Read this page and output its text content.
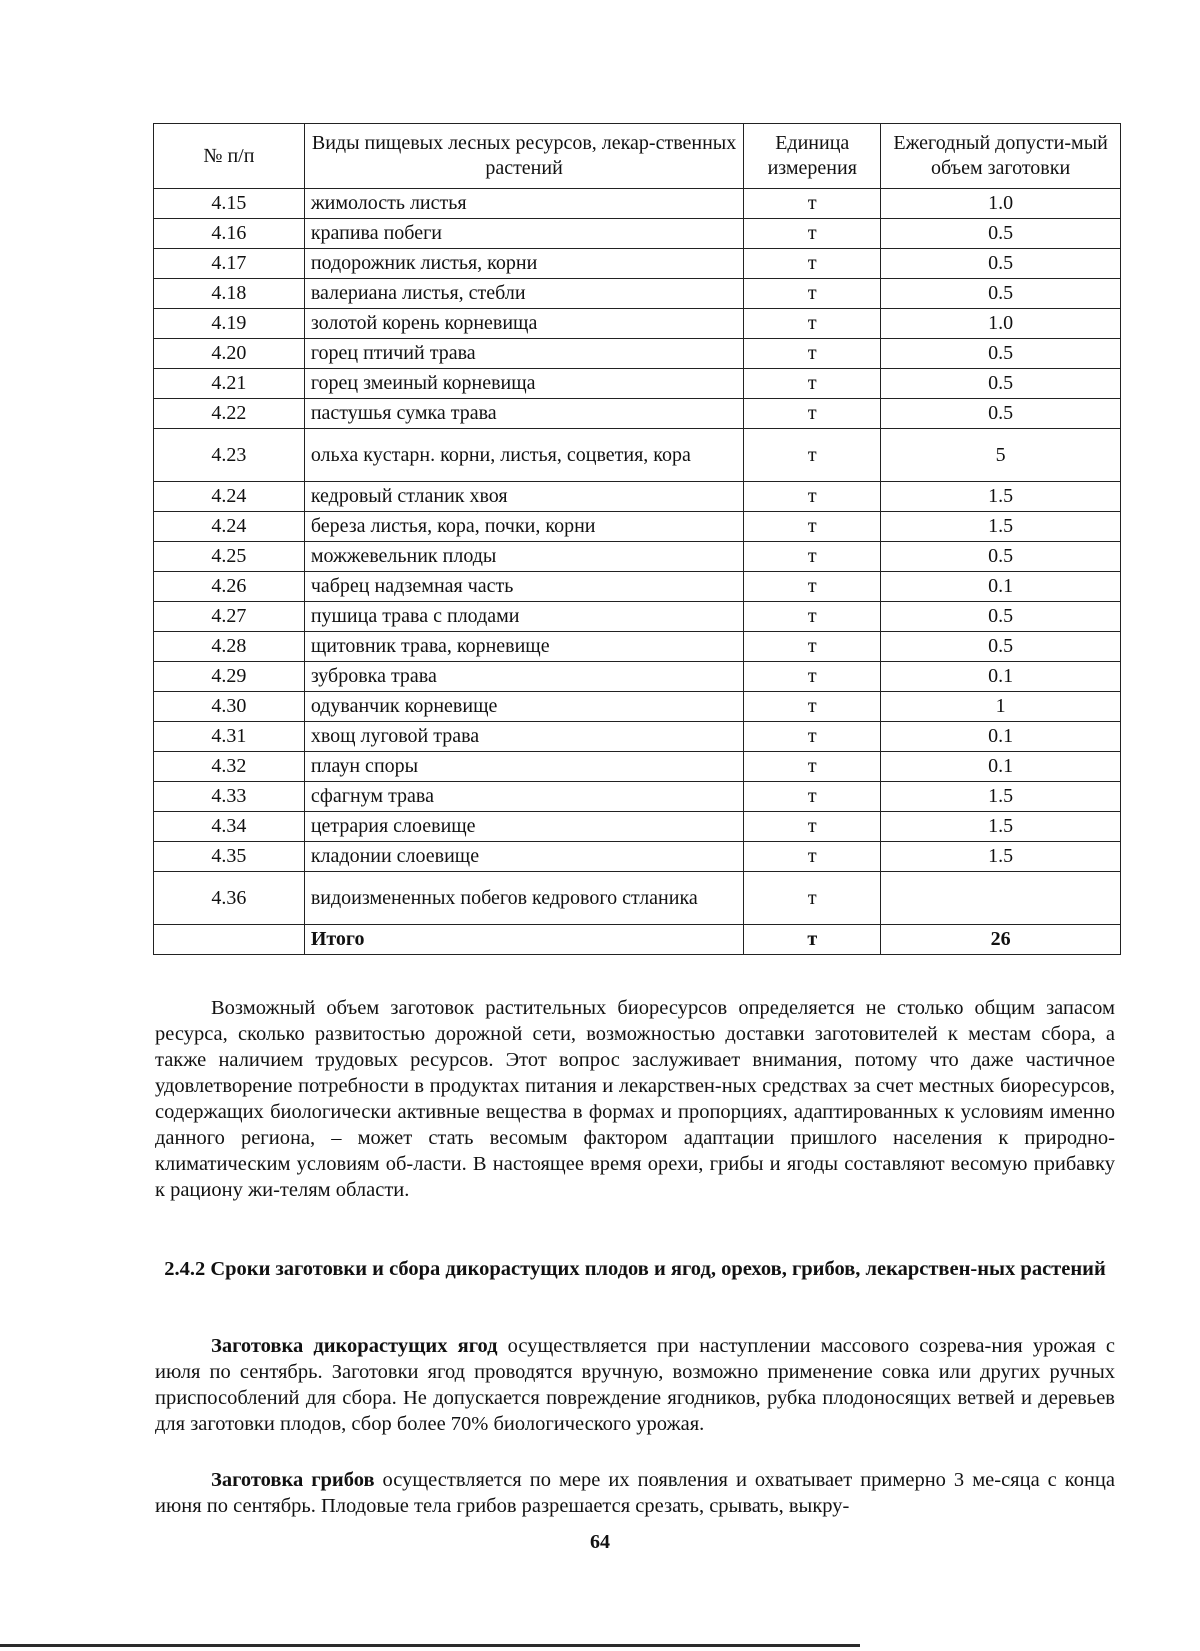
№ п/п	Виды пищевых лесных ресурсов, лекар-ственных растений	Единица измерения	Ежегодный допусти-мый объем заготовки
4.15	жимолость листья	т	1.0
4.16	крапива побеги	т	0.5
4.17	подорожник листья, корни	т	0.5
4.18	валериана листья, стебли	т	0.5
4.19	золотой корень корневища	т	1.0
4.20	горец птичий трава	т	0.5
4.21	горец змеиный корневища	т	0.5
4.22	пастушья сумка трава	т	0.5
4.23	ольха кустарн. корни, листья, соцветия, кора	т	5
4.24	кедровый стланик хвоя	т	1.5
4.24	береза листья, кора, почки, корни	т	1.5
4.25	можжевельник плоды	т	0.5
4.26	чабрец надземная часть	т	0.1
4.27	пушица трава с плодами	т	0.5
4.28	щитовник трава, корневище	т	0.5
4.29	зубровка трава	т	0.1
4.30	одуванчик корневище	т	1
4.31	хвощ луговой трава	т	0.1
4.32	плаун споры	т	0.1
4.33	сфагнум трава	т	1.5
4.34	цетрария слоевище	т	1.5
4.35	кладонии слоевище	т	1.5
4.36	видоизмененных побегов кедрового стланика	т	
	Итого	т	26

Возможный объем заготовок растительных биоресурсов определяется не столько общим запасом ресурса, сколько развитостью дорожной сети, возможностью доставки заготовителей к местам сбора, а также наличием трудовых ресурсов. Этот вопрос заслуживает внимания, потому что даже частичное удовлетворение потребности в продуктах питания и лекарствен-ных средствах за счет местных биоресурсов, содержащих биологически активные вещества в формах и пропорциях, адаптированных к условиям именно данного региона, – может стать весомым фактором адаптации пришлого населения к природно-климатическим условиям об-ласти. В настоящее время орехи, грибы и ягоды составляют весомую прибавку к рациону жи-телям области.

2.4.2 Сроки заготовки и сбора дикорастущих плодов и ягод, орехов, грибов, лекарствен-ных растений

Заготовка дикорастущих ягод осуществляется при наступлении массового созрева-ния урожая с июля по сентябрь. Заготовки ягод проводятся вручную, возможно применение совка или других ручных приспособлений для сбора. Не допускается повреждение ягодников, рубка плодоносящих ветвей и деревьев для заготовки плодов, сбор более 70% биологического урожая.

Заготовка грибов осуществляется по мере их появления и охватывает примерно 3 ме-сяца с конца июня по сентябрь. Плодовые тела грибов разрешается срезать, срывать, выкру-

64
